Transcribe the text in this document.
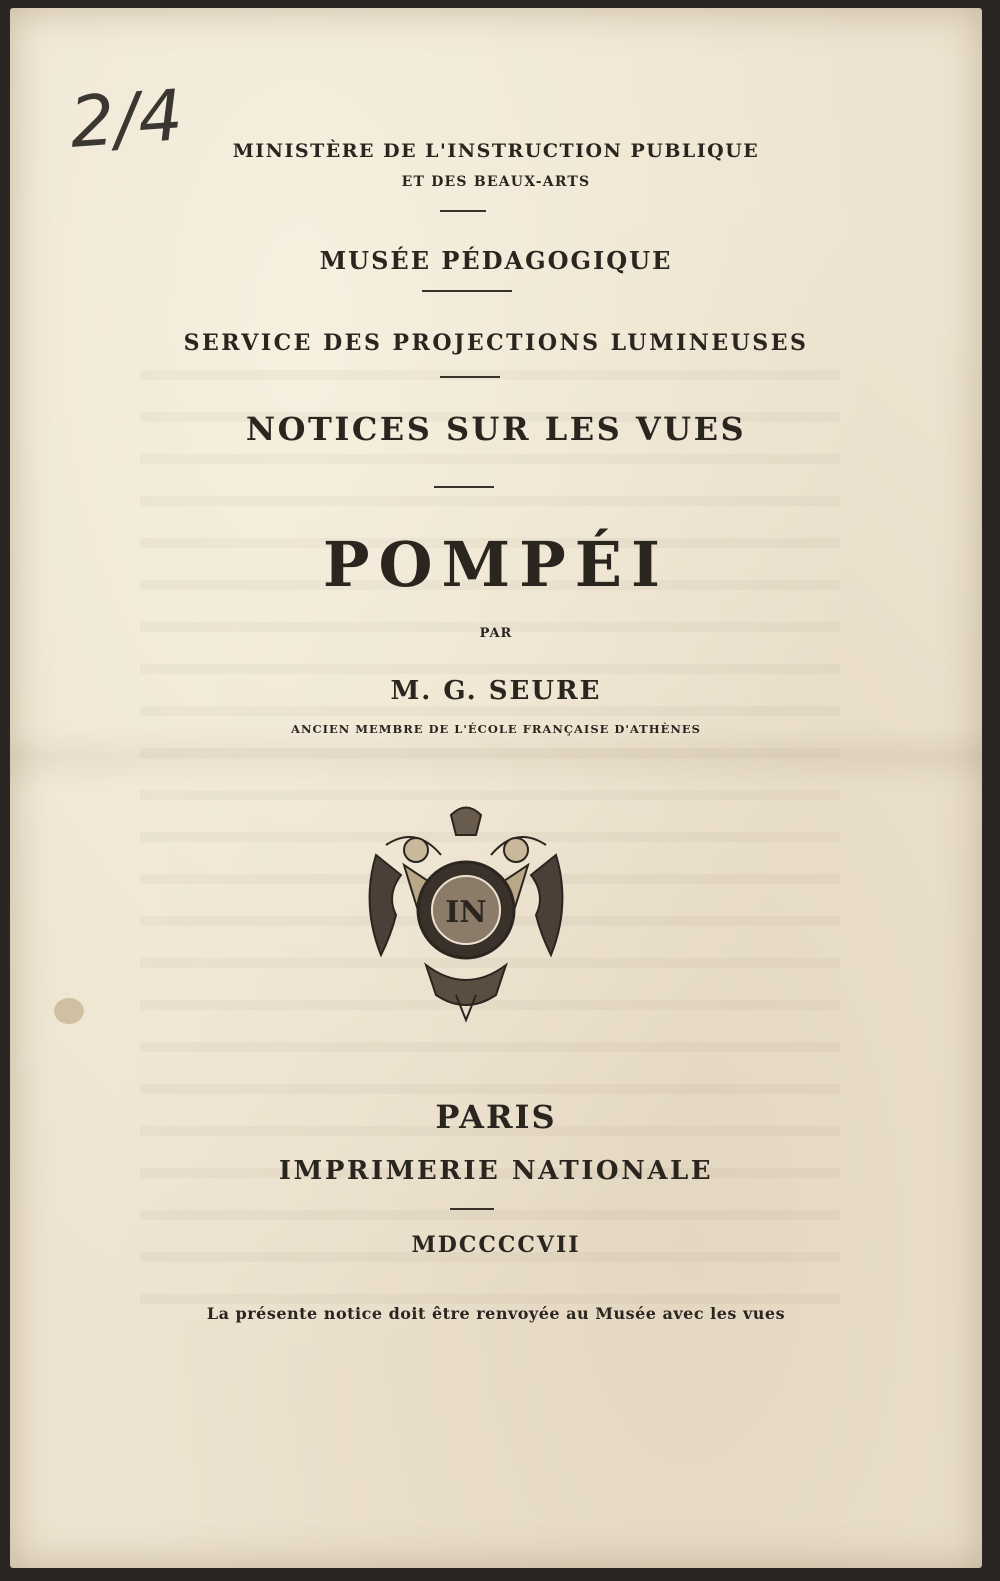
2/4	MINISTÈRE DE L'INSTRUCTION PUBLIQUE
ET DES BEAUX-ARTS
MUSÉE PÉDAGOGIQUE
SERVICE DES PROJECTIONS LUMINEUSES
NOTICES SUR LES VUES
POMPÉI
PAR
M. G. SEURE
ANCIEN MEMBRE DE L'ÉCOLE FRANÇAISE D'ATHÈNES
IN
PARIS
IMPRIMERIE NATIONALE
MDCCCCVII
La présente notice doit être renvoyée au Musée avec les vues
